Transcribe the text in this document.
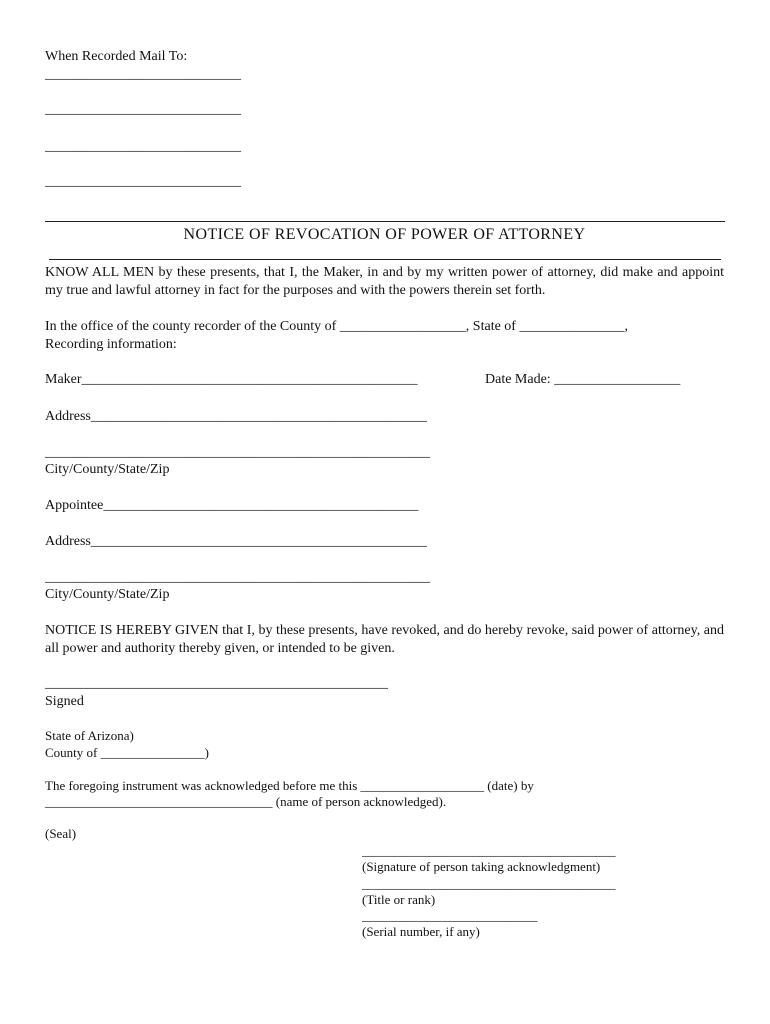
When Recorded Mail To:
____________________________
____________________________
____________________________
____________________________
NOTICE OF REVOCATION OF POWER OF ATTORNEY
KNOW ALL MEN by these presents, that I, the Maker, in and by my written power of attorney, did make and appoint my true and lawful attorney in fact for the purposes and with the powers therein set forth.
In the office of the county recorder of the County of __________________, State of _______________,
Recording information:
Maker________________________________________________	Date Made: __________________
Address________________________________________________
_______________________________________________________
City/County/State/Zip
Appointee_____________________________________________
Address________________________________________________
_______________________________________________________
City/County/State/Zip
NOTICE IS HEREBY GIVEN that I, by these presents, have revoked, and do hereby revoke, said power of attorney, and all power and authority thereby given, or intended to be given.
_________________________________________________
Signed
State of Arizona)
County of ________________)
The foregoing instrument was acknowledged before me this ___________________ (date) by
___________________________________ (name of person acknowledged).
(Seal)
_______________________________________
(Signature of person taking acknowledgment)
_______________________________________
(Title or rank)
___________________________
(Serial number, if any)
